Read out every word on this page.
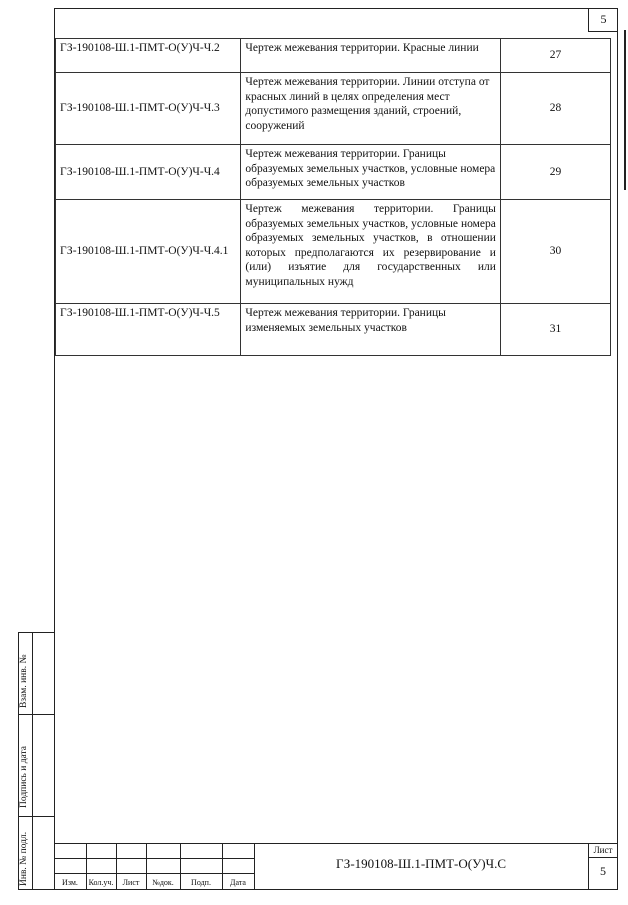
5
ГЗ-190108-Ш.1-ПМТ-О(У)Ч-Ч.2	Чертеж межевания территории. Красные линии	27
ГЗ-190108-Ш.1-ПМТ-О(У)Ч-Ч.3	Чертеж межевания территории. Линии отступа от красных линий в целях определения мест допустимого размещения зданий, строений, сооружений	28
ГЗ-190108-Ш.1-ПМТ-О(У)Ч-Ч.4	Чертеж межевания территории. Границы образуемых земельных участков, условные номера образуемых земельных участков	29
ГЗ-190108-Ш.1-ПМТ-О(У)Ч-Ч.4.1	Чертеж межевания территории. Границы образуемых земельных участков, условные номера образуемых земельных участков, в отношении которых предполагаются их резервирование и (или) изъятие для государственных или муниципальных нужд	30
ГЗ-190108-Ш.1-ПМТ-О(У)Ч-Ч.5	Чертеж межевания территории. Границы изменяемых земельных участков	31
Взам. инв. №
Подпись и дата
Инв. № подл.	Изм.	Кол.уч.	Лист	№док.	Подп.	Дата
ГЗ-190108-Ш.1-ПМТ-О(У)Ч.С
Лист
5
